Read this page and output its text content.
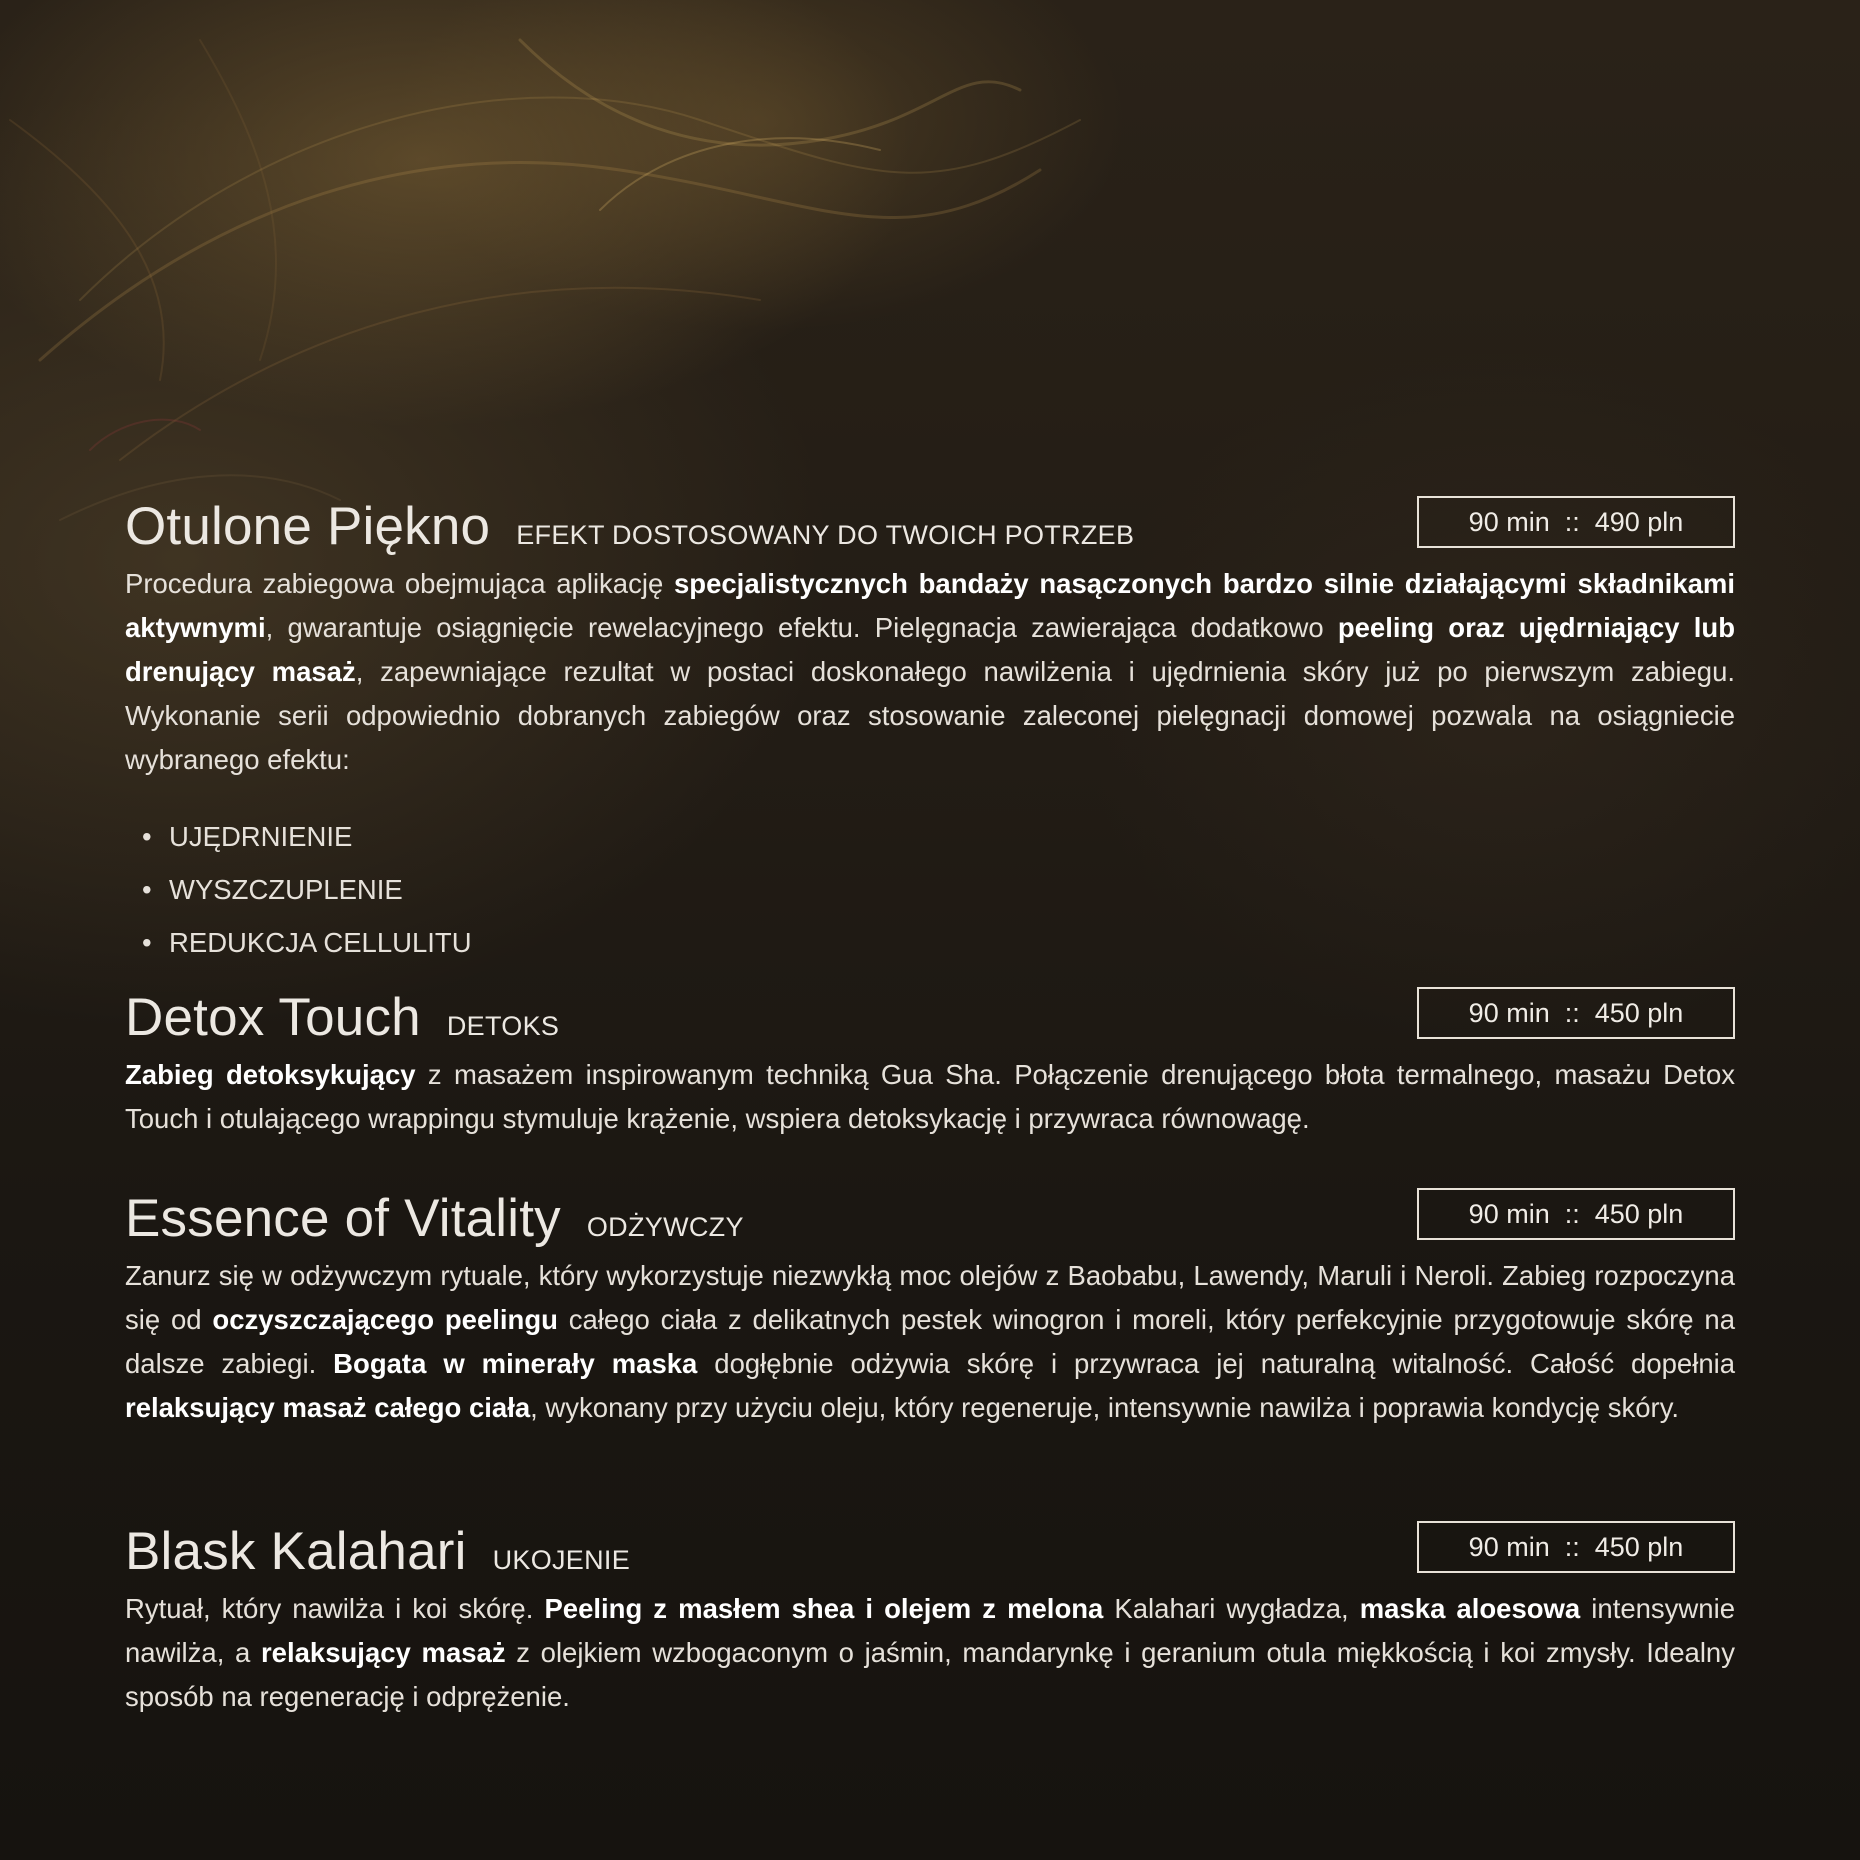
Otulone Piękno EFEKT DOSTOSOWANY DO TWOICH POTRZEB	90 min  ::  490 pln

Procedura zabiegowa obejmująca aplikację specjalistycznych bandaży nasączonych bardzo silnie działającymi składnikami aktywnymi, gwarantuje osiągnięcie rewelacyjnego efektu. Pielęgnacja zawierająca dodatkowo peeling oraz ujędrniający lub drenujący masaż, zapewniające rezultat w postaci doskonałego nawilżenia i ujędrnienia skóry już po pierwszym zabiegu. Wykonanie serii odpowiednio dobranych zabiegów oraz stosowanie zaleconej pielęgnacji domowej pozwala na osiągniecie wybranego efektu:

• UJĘDRNIENIE
• WYSZCZUPLENIE
• REDUKCJA CELLULITU
Detox Touch DETOKS	90 min  ::  450 pln

Zabieg detoksykujący z masażem inspirowanym techniką Gua Sha. Połączenie drenującego błota termalnego, masażu Detox Touch i otulającego wrappingu stymuluje krążenie, wspiera detoksykację i przywraca równowagę.

Essence of Vitality ODŻYWCZY	90 min  ::  450 pln

Zanurz się w odżywczym rytuale, który wykorzystuje niezwykłą moc olejów z Baobabu, Lawendy, Maruli i Neroli. Zabieg rozpoczyna się od oczyszczającego peelingu całego ciała z delikatnych pestek winogron i moreli, który perfekcyjnie przygotowuje skórę na dalsze zabiegi. Bogata w minerały maska dogłębnie odżywia skórę i przywraca jej naturalną witalność. Całość dopełnia relaksujący masaż całego ciała, wykonany przy użyciu oleju, który regeneruje, intensywnie nawilża i poprawia kondycję skóry.

Blask Kalahari UKOJENIE	90 min  ::  450 pln

Rytuał, który nawilża i koi skórę. Peeling z masłem shea i olejem z melona Kalahari wygładza, maska aloesowa intensywnie nawilża, a relaksujący masaż z olejkiem wzbogaconym o jaśmin, mandarynkę i geranium otula miękkością i koi zmysły. Idealny sposób na regenerację i odprężenie.
